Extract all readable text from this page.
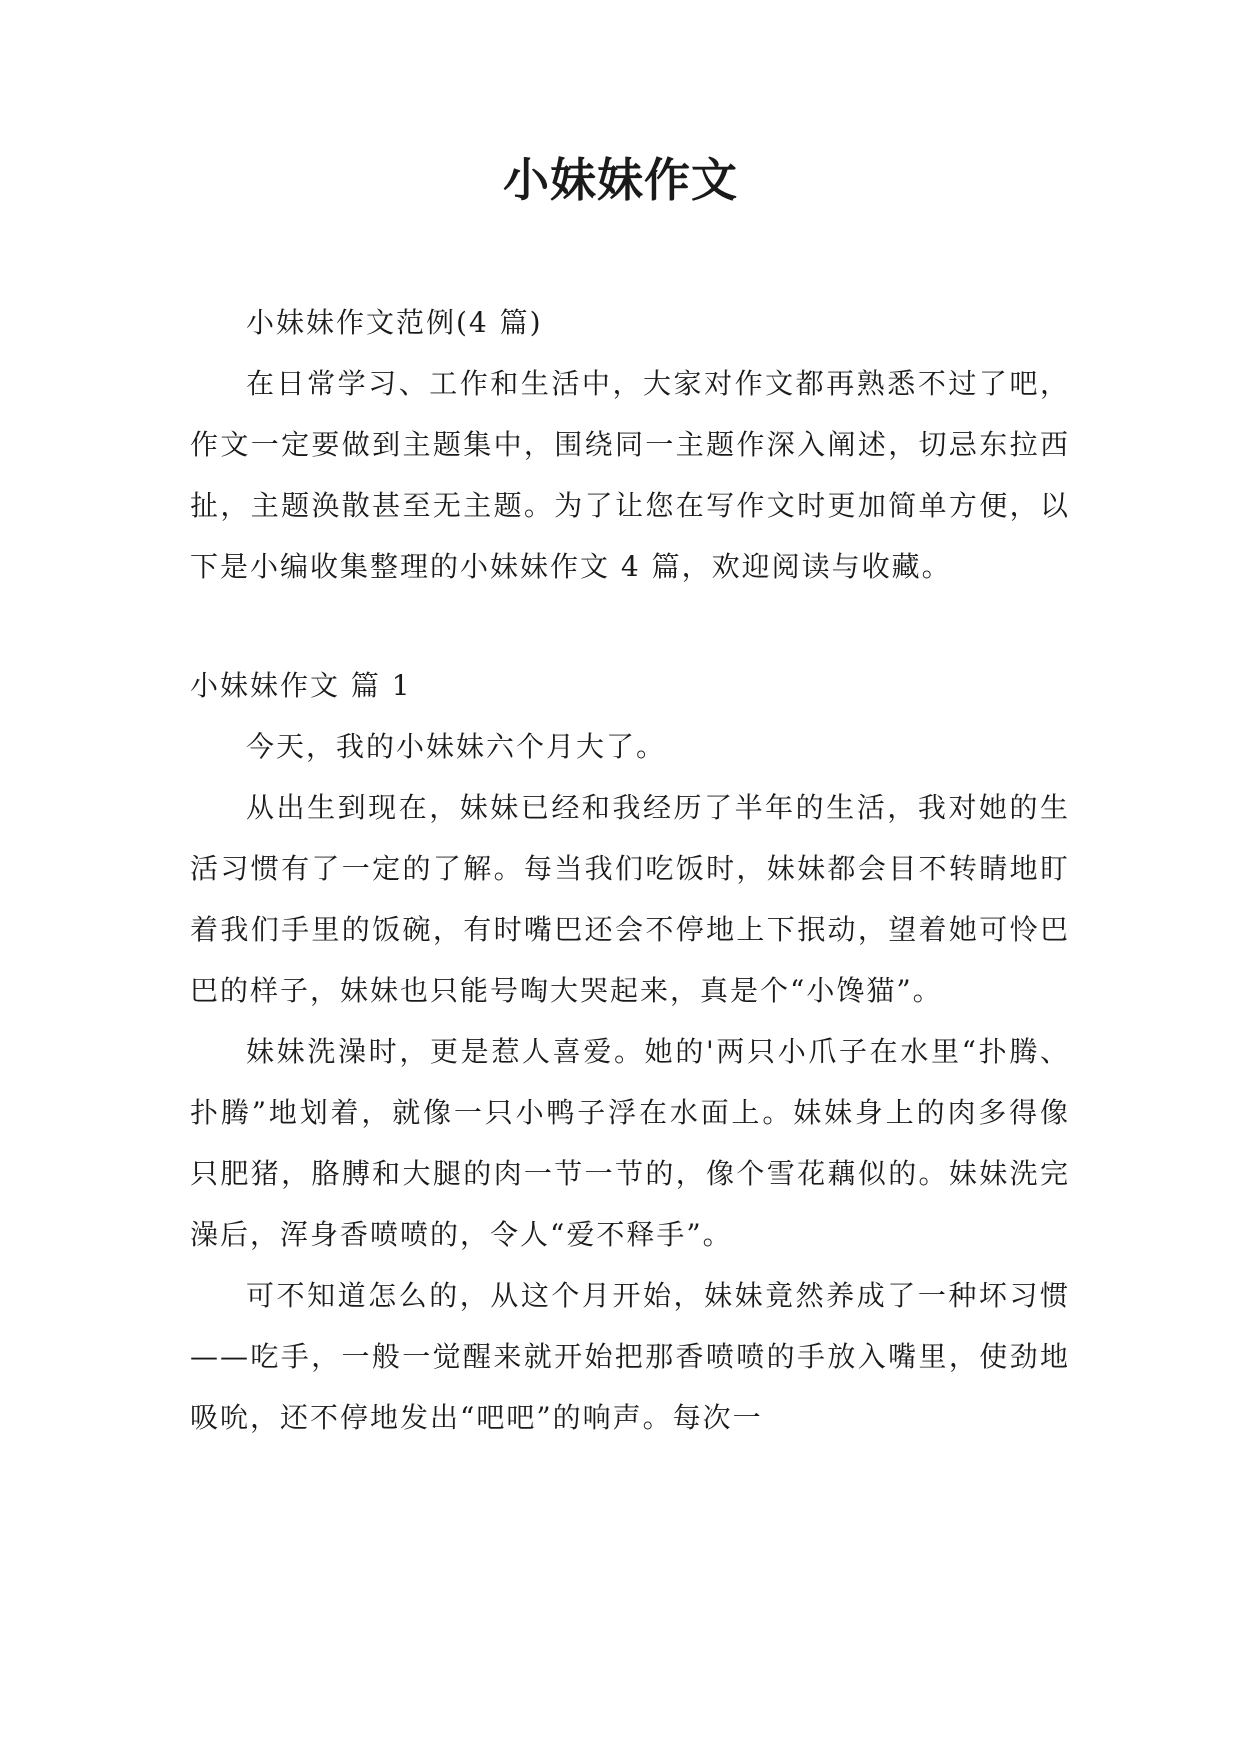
小妹妹作文

小妹妹作文范例(4 篇)

在日常学习、工作和生活中，大家对作文都再熟悉不过了吧，作文一定要做到主题集中，围绕同一主题作深入阐述，切忌东拉西扯，主题涣散甚至无主题。为了让您在写作文时更加简单方便，以下是小编收集整理的小妹妹作文 4 篇，欢迎阅读与收藏。

小妹妹作文 篇 1

今天，我的小妹妹六个月大了。

从出生到现在，妹妹已经和我经历了半年的生活，我对她的生活习惯有了一定的了解。每当我们吃饭时，妹妹都会目不转睛地盯着我们手里的饭碗，有时嘴巴还会不停地上下抿动，望着她可怜巴巴的样子，妹妹也只能号啕大哭起来，真是个“小馋猫”。

妹妹洗澡时，更是惹人喜爱。她的'两只小爪子在水里“扑腾、扑腾”地划着，就像一只小鸭子浮在水面上。妹妹身上的肉多得像只肥猪，胳膊和大腿的肉一节一节的，像个雪花藕似的。妹妹洗完澡后，浑身香喷喷的，令人“爱不释手”。

可不知道怎么的，从这个月开始，妹妹竟然养成了一种坏习惯——吃手，一般一觉醒来就开始把那香喷喷的手放入嘴里，使劲地吸吮，还不停地发出“吧吧”的响声。每次一
